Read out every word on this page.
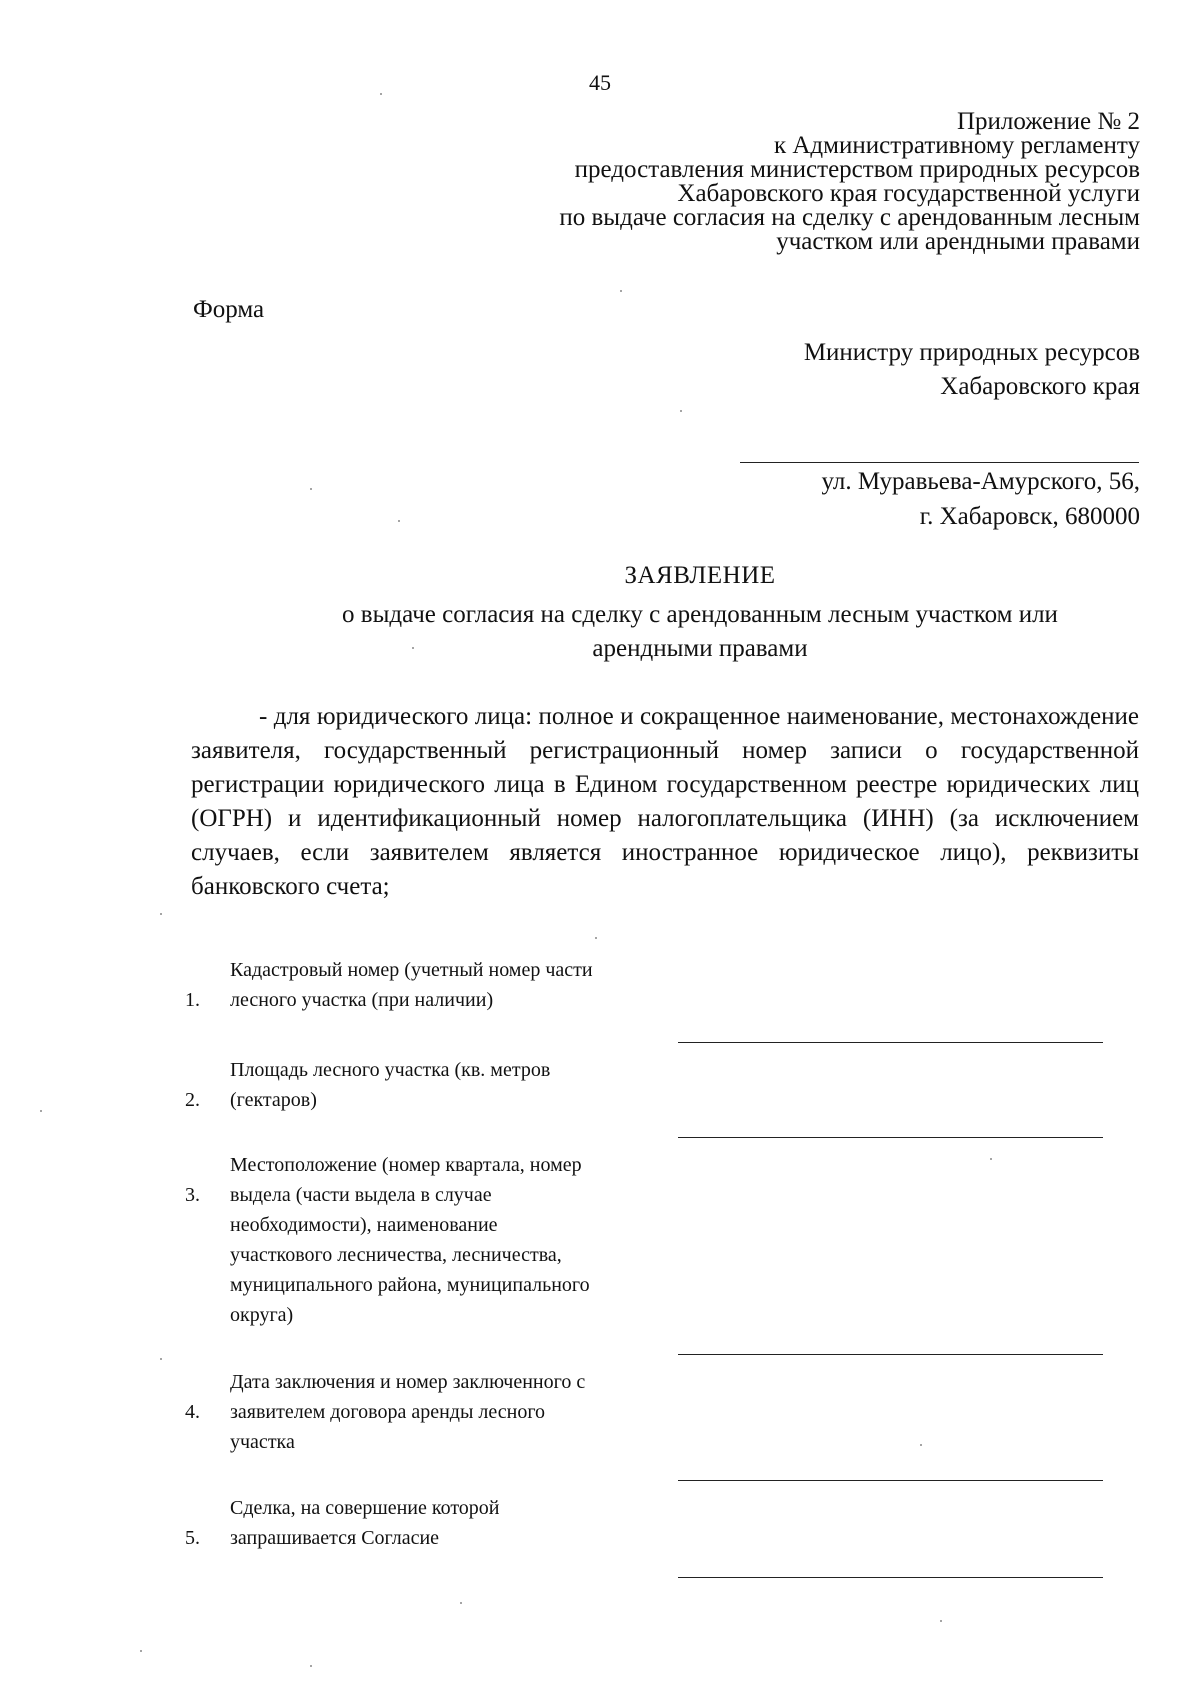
45
Приложение № 2
к Административному регламенту
предоставления министерством природных ресурсов
Хабаровского края государственной услуги
по выдаче согласия на сделку с арендованным лесным
участком или арендными правами
Форма
Министру природных ресурсов
Хабаровского края
ул. Муравьева-Амурского, 56,
г. Хабаровск, 680000
ЗАЯВЛЕНИЕ
о выдаче согласия на сделку с арендованным лесным участком или арендными правами
- для юридического лица: полное и сокращенное наименование, местонахождение заявителя, государственный регистрационный номер записи о государственной регистрации юридического лица в Едином государственном реестре юридических лиц (ОГРН) и идентификационный номер налогоплательщика (ИНН) (за исключением случаев, если заявителем является иностранное юридическое лицо), реквизиты банковского счета;
1.
Кадастровый номер (учетный номер части
лесного участка (при наличии)
2.
Площадь лесного участка (кв. метров
(гектаров)
3.
Местоположение (номер квартала, номер
выдела (части выдела в случае
необходимости), наименование
участкового лесничества, лесничества,
муниципального района, муниципального
округа)
4.
Дата заключения и номер заключенного с
заявителем договора аренды лесного
участка
5.
Сделка, на совершение которой
запрашивается Согласие
